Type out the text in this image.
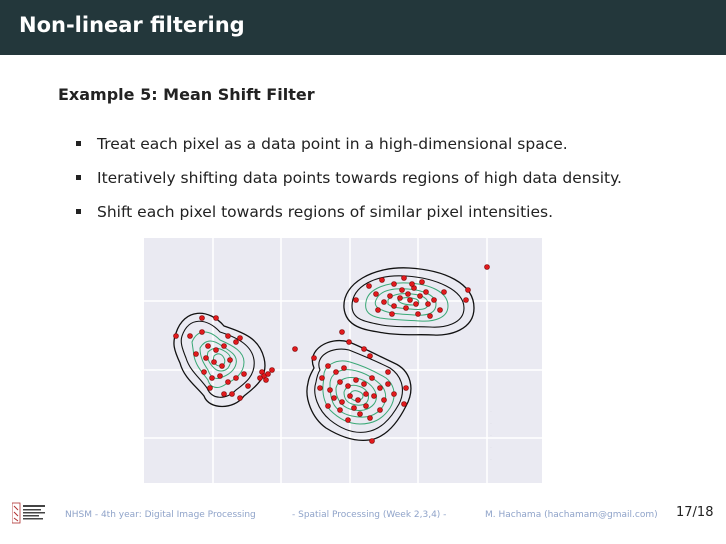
Non-linear filtering
Example 5: Mean Shift Filter
Treat each pixel as a data point in a high-dimensional space.
Iteratively shifting data points towards regions of high data density.
Shift each pixel towards regions of similar pixel intensities.
·
·
·
·
·
NHSM - 4th year: Digital Image Processing	- Spatial Processing (Week 2,3,4) -	M. Hachama (hachamam@gmail.com) 17/18
